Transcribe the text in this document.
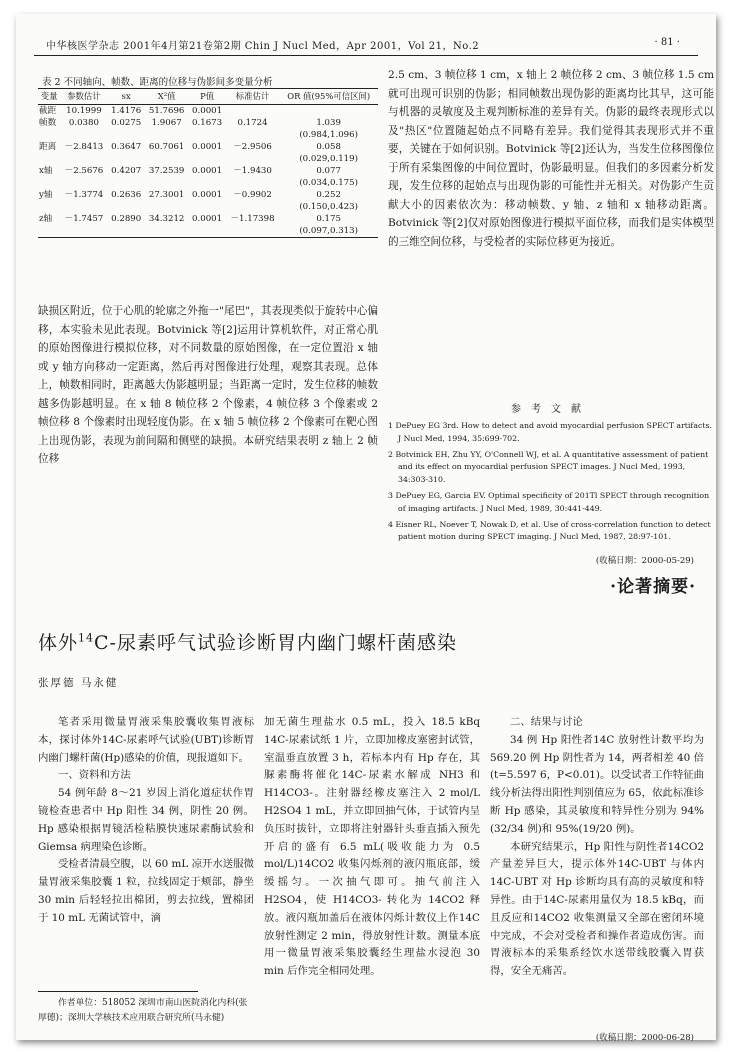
中华核医学杂志 2001年4月第21卷第2期 Chin J Nucl Med，Apr 2001，Vol 21，No.2	· 81 ·
表 2 不同轴向、帧数、距离的位移与伪影间多变量分析
变量	参数估计	sx	X²值	P值	标准估计	OR 值(95%可信区间)
截距	10.1999	1.4176	51.7696	0.0001		
帧数	0.0380	0.0275	1.9067	0.1673	0.1724	1.039
						(0.984,1.096)
距离	－2.8413	0.3647	60.7061	0.0001	－2.9506	0.058
						(0.029,0.119)
x轴	－2.5676	0.4207	37.2539	0.0001	－1.9430	0.077
						(0.034,0.175)
y轴	－1.3774	0.2636	27.3001	0.0001	－0.9902	0.252
						(0.150,0.423)
z轴	－1.7457	0.2890	34.3212	0.0001	－1.17398	0.175
						(0.097,0.313)
缺损区附近，位于心肌的轮廓之外拖一"尾巴"，其表现类似于旋转中心偏移，本实验未见此表现。Botvinick 等[2]运用计算机软件，对正常心肌的原始图像进行模拟位移，对不同数量的原始图像，在一定位置沿 x 轴或 y 轴方向移动一定距离，然后再对图像进行处理，观察其表现。总体上，帧数相同时，距离越大伪影越明显；当距离一定时，发生位移的帧数越多伪影越明显。在 x 轴 8 帧位移 2 个像素，4 帧位移 3 个像素或 2 帧位移 8 个像素时出现轻度伪影。在 x 轴 5 帧位移 2 个像素可在靶心图上出现伪影，表现为前间隔和侧壁的缺损。本研究结果表明 z 轴上 2 帧位移
2.5 cm、3 帧位移 1 cm，x 轴上 2 帧位移 2 cm、3 帧位移 1.5 cm 就可出现可识别的伪影；相同帧数出现伪影的距离均比其早，这可能与机器的灵敏度及主观判断标准的差异有关。伪影的最终表现形式以及"热区"位置随起始点不同略有差异。我们觉得其表现形式并不重要，关键在于如何识别。Botvinick 等[2]还认为，当发生位移图像位于所有采集图像的中间位置时，伪影最明显。但我们的多因素分析发现，发生位移的起始点与出现伪影的可能性并无相关。对伪影产生贡献大小的因素依次为：移动帧数、y 轴、z 轴和 x 轴移动距离。Botvinick 等[2]仅对原始图像进行模拟平面位移，而我们是实体模型的三维空间位移，与受检者的实际位移更为接近。
参考文献
1 DePuey EG 3rd. How to detect and avoid myocardial perfusion SPECT artifacts. J Nucl Med, 1994, 35:699-702.
2 Botvinick EH, Zhu YY, O'Connell WJ, et al. A quantitative assessment of patient and its effect on myocardial perfusion SPECT images. J Nucl Med, 1993, 34:303-310.
3 DePuey EG, Garcia EV. Optimal specificity of 201Tl SPECT through recognition of imaging artifacts. J Nucl Med, 1989, 30:441-449.
4 Eisner RL, Noever T, Nowak D, et al. Use of cross-correlation function to detect patient motion during SPECT imaging. J Nucl Med, 1987, 28:97-101.
(收稿日期：2000-05-29)
·论著摘要·
体外$^{14}$C-尿素呼气试验诊断胃内幽门螺杆菌感染
张厚德 马永健

笔者采用微量胃液采集胶囊收集胃液标本，探讨体外14C-尿素呼气试验(UBT)诊断胃内幽门螺杆菌(Hp)感染的价值，现报道如下。

一、资料和方法

54 例年龄 8～21 岁因上消化道症状作胃镜检查患者中 Hp 阳性 34 例，阴性 20 例。Hp 感染根据胃镜活检粘膜快速尿素酶试验和 Giemsa 病理染色诊断。

受检者清晨空腹，以 60 mL 凉开水送服微量胃液采集胶囊 1 粒，拉线固定于颊部，静坐 30 min 后轻轻拉出棉团，剪去拉线，置棉团于 10 mL 无菌试管中，滴

加无菌生理盐水 0.5 mL，投入 18.5 kBq 14C-尿素试纸 1 片，立即加橡皮塞密封试管，室温垂直放置 3 h，若标本内有 Hp 存在，其脲素酶将催化14C-尿素水解成 NH3 和 H14CO3-。注射器经橡皮塞注入 2 mol/L H2SO4 1 mL，并立即回抽气体，于试管内呈负压时拔针，立即将注射器针头垂直插入预先开启的盛有 6.5 mL(吸收能力为 0.5 mol/L)14CO2 收集闪烁剂的液闪瓶底部，缓缓摇匀。一次抽气即可。抽气前注入 H2SO4，使 H14CO3- 转化为 14CO2 释放。液闪瓶加盖后在液体闪烁计数仪上作14C 放射性测定 2 min，得放射性计数。测量本底用一微量胃液采集胶囊经生理盐水浸泡 30 min 后作完全相同处理。

二、结果与讨论

34 例 Hp 阳性者14C 放射性计数平均为 569.20 例 Hp 阴性者为 14，两者相差 40 倍(t=5.597 6，P<0.01)。以受试者工作特征曲线分析法得出阳性判别值应为 65，依此标准诊断 Hp 感染，其灵敏度和特异性分别为 94%(32/34 例)和 95%(19/20 例)。

本研究结果示，Hp 阳性与阴性者14CO2 产量差异巨大，提示体外14C-UBT 与体内14C-UBT 对 Hp 诊断均具有高的灵敏度和特异性。由于14C-尿素用量仅为 18.5 kBq，而且反应和14CO2 收集测量又全部在密闭环境中完成，不会对受检者和操作者造成伤害。而胃液标本的采集系经饮水送带线胶囊入胃获得，安全无痛苦。

作者单位：518052 深圳市南山医院消化内科(张厚德)；深圳大学核技术应用联合研究所(马永健)
(收稿日期：2000-06-28)
